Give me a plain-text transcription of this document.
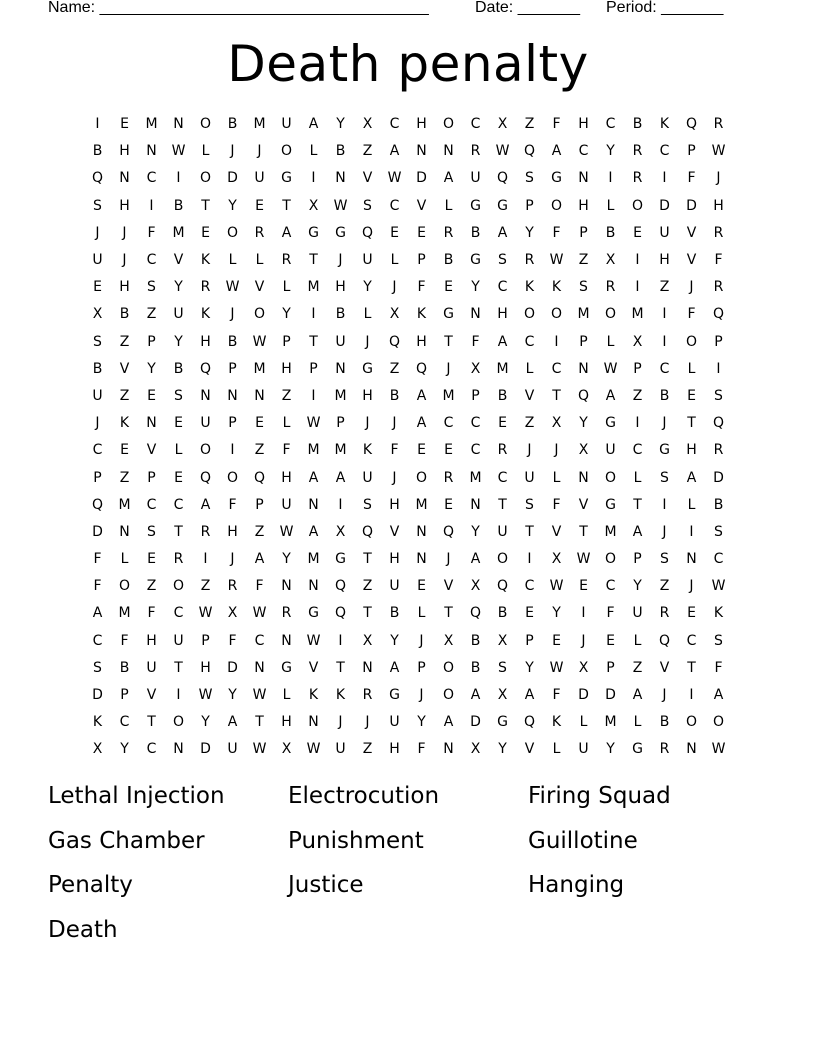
Name: _____________________________________	Date: _______ Period: _______
Death penalty
I	E	M	N	O	B	M	U	A	Y	X	C	H	O	C	X	Z	F	H	C	B	K	Q	R
B	H	N	W	L	J	J	O	L	B	Z	A	N	N	R	W	Q	A	C	Y	R	C	P	W
Q	N	C	I	O	D	U	G	I	N	V	W	D	A	U	Q	S	G	N	I	R	I	F	J
S	H	I	B	T	Y	E	T	X	W	S	C	V	L	G	G	P	O	H	L	O	D	D	H
J	J	F	M	E	O	R	A	G	G	Q	E	E	R	B	A	Y	F	P	B	E	U	V	R
U	J	C	V	K	L	L	R	T	J	U	L	P	B	G	S	R	W	Z	X	I	H	V	F
E	H	S	Y	R	W	V	L	M	H	Y	J	F	E	Y	C	K	K	S	R	I	Z	J	R
X	B	Z	U	K	J	O	Y	I	B	L	X	K	G	N	H	O	O	M	O	M	I	F	Q
S	Z	P	Y	H	B	W	P	T	U	J	Q	H	T	F	A	C	I	P	L	X	I	O	P
B	V	Y	B	Q	P	M	H	P	N	G	Z	Q	J	X	M	L	C	N	W	P	C	L	I
U	Z	E	S	N	N	N	Z	I	M	H	B	A	M	P	B	V	T	Q	A	Z	B	E	S
J	K	N	E	U	P	E	L	W	P	J	J	A	C	C	E	Z	X	Y	G	I	J	T	Q
C	E	V	L	O	I	Z	F	M	M	K	F	E	E	C	R	J	J	X	U	C	G	H	R
P	Z	P	E	Q	O	Q	H	A	A	U	J	O	R	M	C	U	L	N	O	L	S	A	D
Q	M	C	C	A	F	P	U	N	I	S	H	M	E	N	T	S	F	V	G	T	I	L	B
D	N	S	T	R	H	Z	W	A	X	Q	V	N	Q	Y	U	T	V	T	M	A	J	I	S
F	L	E	R	I	J	A	Y	M	G	T	H	N	J	A	O	I	X	W	O	P	S	N	C
F	O	Z	O	Z	R	F	N	N	Q	Z	U	E	V	X	Q	C	W	E	C	Y	Z	J	W
A	M	F	C	W	X	W	R	G	Q	T	B	L	T	Q	B	E	Y	I	F	U	R	E	K
C	F	H	U	P	F	C	N	W	I	X	Y	J	X	B	X	P	E	J	E	L	Q	C	S
S	B	U	T	H	D	N	G	V	T	N	A	P	O	B	S	Y	W	X	P	Z	V	T	F
D	P	V	I	W	Y	W	L	K	K	R	G	J	O	A	X	A	F	D	D	A	J	I	A
K	C	T	O	Y	A	T	H	N	J	J	U	Y	A	D	G	Q	K	L	M	L	B	O	O
X	Y	C	N	D	U	W	X	W	U	Z	H	F	N	X	Y	V	L	U	Y	G	R	N	W
Lethal Injection	Electrocution	Firing Squad
Gas Chamber	Punishment	Guillotine
Penalty	Justice	Hanging
Death
